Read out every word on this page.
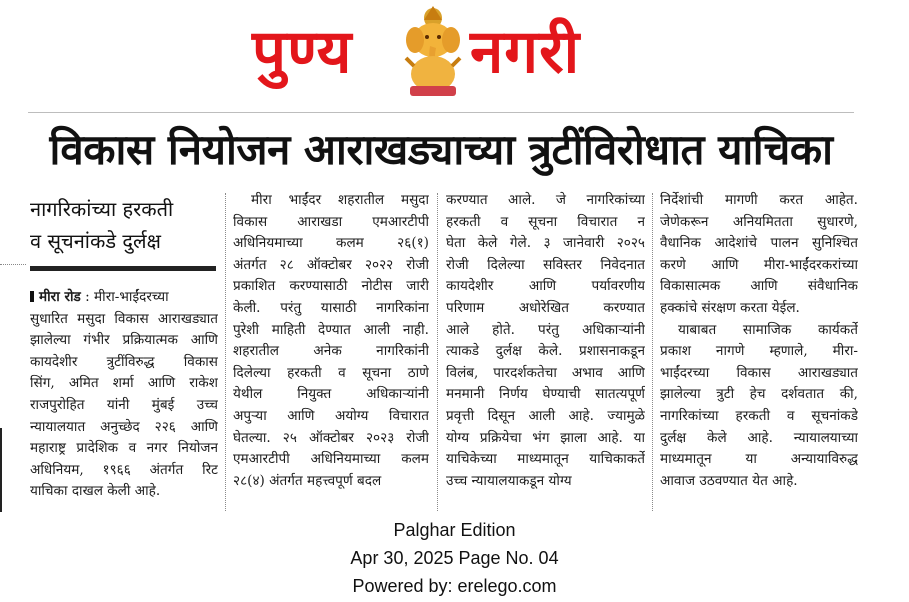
पुण्य नगरी
विकास नियोजन आराखड्याच्या त्रुटींविरोधात याचिका
नागरिकांच्या हरकती
व सूचनांकडे दुर्लक्ष
मीरा रोड : मीरा-भाईंदरच्या
सुधारित मसुदा विकास आराखड्यात
झालेल्या गंभीर प्रक्रियात्मक आणि
कायदेशीर त्रुटींविरुद्ध विकास
सिंग, अमित शर्मा आणि राकेश
राजपुरोहित यांनी मुंबई उच्च
न्यायालयात अनुच्छेद २२६ आणि
महाराष्ट्र प्रादेशिक व नगर नियोजन
अधिनियम, १९६६ अंतर्गत रिट
याचिका दाखल केली आहे.
मीरा भाईंदर शहरातील मसुदा
विकास आराखडा एमआरटीपी
अधिनियमाच्या कलम २६(१)
अंतर्गत २८ ऑक्टोबर २०२२ रोजी
प्रकाशित करण्यासाठी नोटीस जारी
केली. परंतु यासाठी नागरिकांना
पुरेशी माहिती देण्यात आली नाही.
शहरातील अनेक नागरिकांनी
दिलेल्या हरकती व सूचना ठाणे
येथील नियुक्त अधिकाऱ्यांनी
अपुऱ्या आणि अयोग्य विचारात
घेतल्या. २५ ऑक्टोबर २०२३ रोजी
एमआरटीपी अधिनियमाच्या कलम
२८(४) अंतर्गत महत्त्वपूर्ण बदल
करण्यात आले. जे नागरिकांच्या
हरकती व सूचना विचारात न
घेता केले गेले. ३ जानेवारी २०२५
रोजी दिलेल्या सविस्तर निवेदनात
कायदेशीर आणि पर्यावरणीय
परिणाम अधोरेखित करण्यात
आले होते. परंतु अधिकाऱ्यांनी
त्याकडे दुर्लक्ष केले. प्रशासनाकडून
विलंब, पारदर्शकतेचा अभाव आणि
मनमानी निर्णय घेण्याची सातत्यपूर्ण
प्रवृत्ती दिसून आली आहे. ज्यामुळे
योग्य प्रक्रियेचा भंग झाला आहे. या
याचिकेच्या माध्यमातून याचिकाकर्ते
उच्च न्यायालयाकडून योग्य
निर्देशांची मागणी करत आहेत.
जेणेकरून अनियमितता सुधारणे,
वैधानिक आदेशांचे पालन सुनिश्चित
करणे आणि मीरा-भाईंदरकरांच्या
विकासात्मक आणि संवैधानिक
हक्कांचे संरक्षण करता येईल.
याबाबत सामाजिक कार्यकर्ते
प्रकाश नागणे म्हणाले, मीरा-
भाईंदरच्या विकास आराखड्यात
झालेल्या त्रुटी हेच दर्शवतात की,
नागरिकांच्या हरकती व सूचनांकडे
दुर्लक्ष केले आहे. न्यायालयाच्या
माध्यमातून या अन्यायाविरुद्ध
आवाज उठवण्यात येत आहे.
Palghar Edition
Apr 30, 2025 Page No. 04
Powered by: erelego.com
